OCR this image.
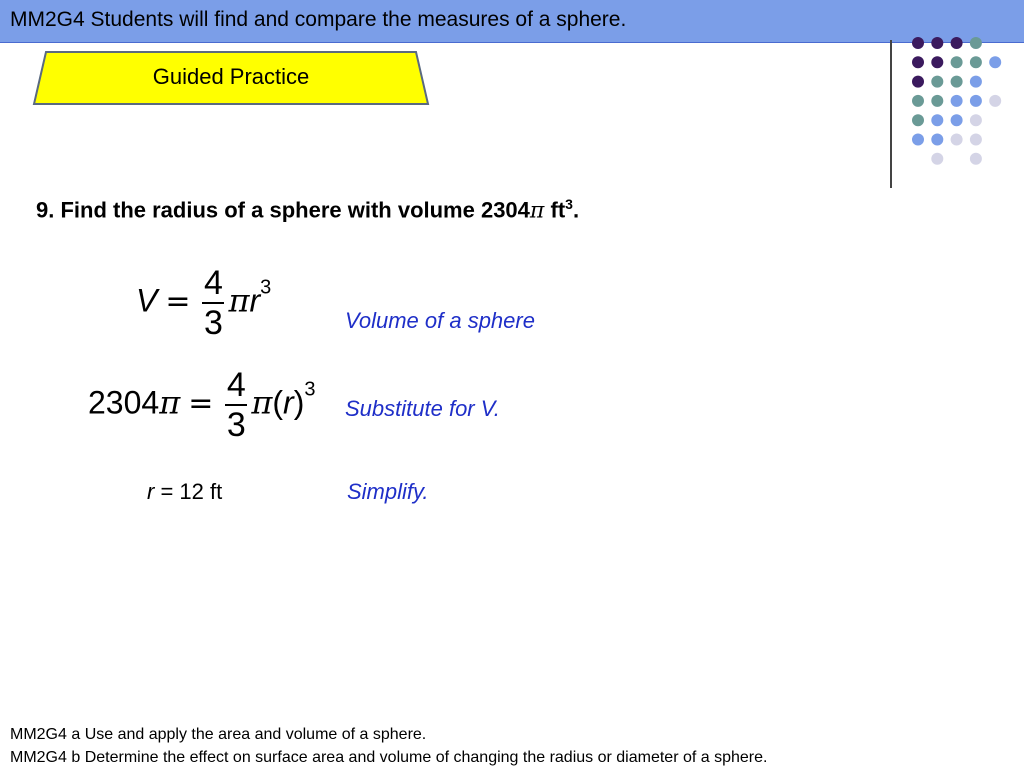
MM2G4 Students will find and compare the measures of a sphere.
Guided Practice
9. Find the radius of a sphere with volume 2304π $ft^3$.
$V = \frac{4}{3} \pi r^3$
$2304\pi = \frac{4}{3} \pi(r)^3$
Volume of a sphere
Substitute for V.
Simplify.
r = 12 ft
MM2G4 a Use and apply the area and volume of a sphere.
MM2G4 b Determine the effect on surface area and volume of changing the radius or diameter of a sphere.
